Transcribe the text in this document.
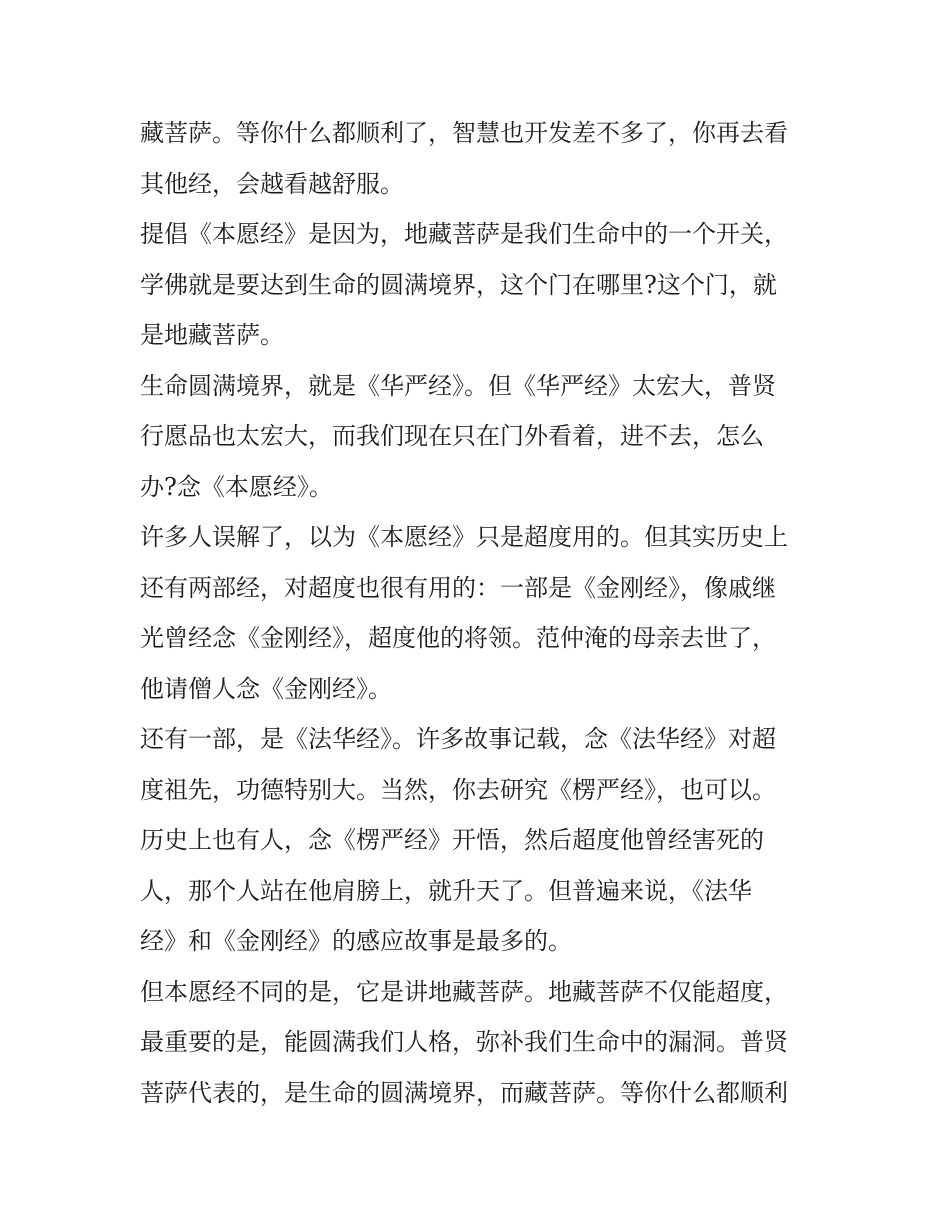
藏菩萨。等你什么都顺利了，智慧也开发差不多了，你再去看
其他经，会越看越舒服。
提倡《本愿经》是因为，地藏菩萨是我们生命中的一个开关，
学佛就是要达到生命的圆满境界，这个门在哪里?这个门，就
是地藏菩萨。
生命圆满境界，就是《华严经》。但《华严经》太宏大，普贤
行愿品也太宏大，而我们现在只在门外看着，进不去，怎么
办?念《本愿经》。
许多人误解了，以为《本愿经》只是超度用的。但其实历史上
还有两部经，对超度也很有用的：一部是《金刚经》，像戚继
光曾经念《金刚经》，超度他的将领。范仲淹的母亲去世了，
他请僧人念《金刚经》。
还有一部，是《法华经》。许多故事记载，念《法华经》对超
度祖先，功德特别大。当然，你去研究《楞严经》，也可以。
历史上也有人，念《楞严经》开悟，然后超度他曾经害死的
人，那个人站在他肩膀上，就升天了。但普遍来说，《法华
经》和《金刚经》的感应故事是最多的。
但本愿经不同的是，它是讲地藏菩萨。地藏菩萨不仅能超度，
最重要的是，能圆满我们人格，弥补我们生命中的漏洞。普贤
菩萨代表的，是生命的圆满境界，而藏菩萨。等你什么都顺利
